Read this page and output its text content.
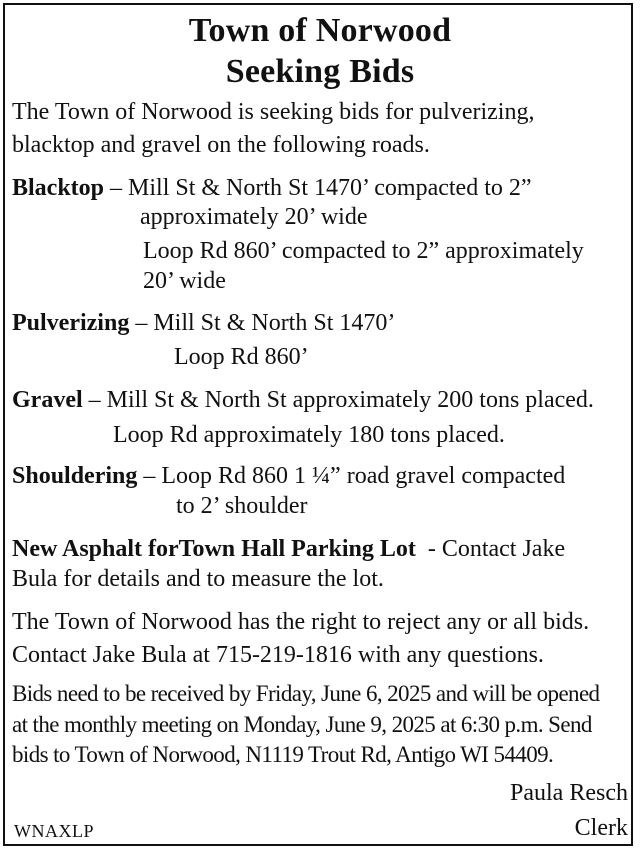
Town of Norwood
Seeking Bids
The Town of Norwood is seeking bids for pulverizing,
blacktop and gravel on the following roads.
Blacktop – Mill St & North St 1470’ compacted to 2”
approximately 20’ wide
Loop Rd 860’ compacted to 2” approximately
20’ wide
Pulverizing – Mill St & North St 1470’
Loop Rd 860’
Gravel – Mill St & North St approximately 200 tons placed.
Loop Rd approximately 180 tons placed.
Shouldering – Loop Rd 860 1 ¼” road gravel compacted
to 2’ shoulder
New Asphalt forTown Hall Parking Lot  - Contact Jake
Bula for details and to measure the lot.
The Town of Norwood has the right to reject any or all bids.
Contact Jake Bula at 715-219-1816 with any questions.
Bids need to be received by Friday, June 6, 2025 and will be opened
at the monthly meeting on Monday, June 9, 2025 at 6:30 p.m. Send
bids to Town of Norwood, N1119 Trout Rd, Antigo WI 54409.
Paula Resch
Clerk
WNAXLP
